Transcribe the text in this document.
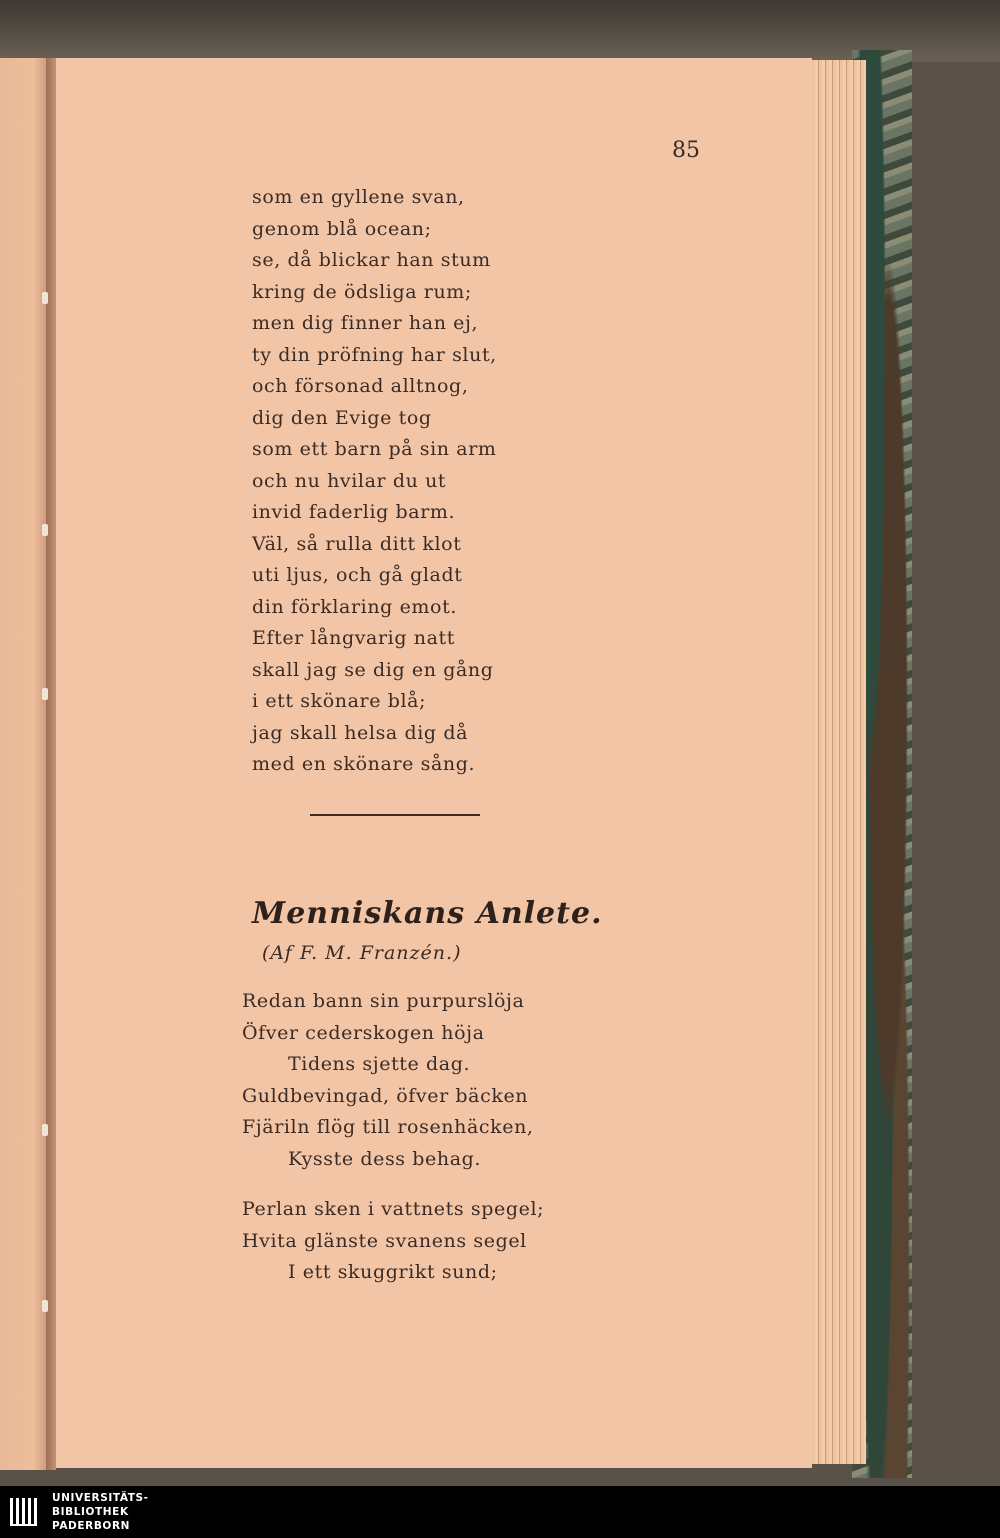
85
som en gyllene svan,
genom blå ocean;
se, då blickar han stum
kring de ödsliga rum;
men dig finner han ej,
ty din pröfning har slut,
och försonad alltnog,
dig den Evige tog
som ett barn på sin arm
och nu hvilar du ut
invid faderlig barm.
Väl, så rulla ditt klot
uti ljus, och gå gladt
din förklaring emot.
Efter långvarig natt
skall jag se dig en gång
i ett skönare blå;
jag skall helsa dig då
med en skönare sång.
Menniskans Anlete.
(Af F. M. Franzén.)
Redan bann sin purpurslöja
Öfver cederskogen höja
Tidens sjette dag.
Guldbevingad, öfver bäcken
Fjäriln flög till rosenhäcken,
Kysste dess behag.
Perlan sken i vattnets spegel;
Hvita glänste svanens segel
I ett skuggrikt sund;
UNIVERSITÄTS-
BIBLIOTHEK
PADERBORN
